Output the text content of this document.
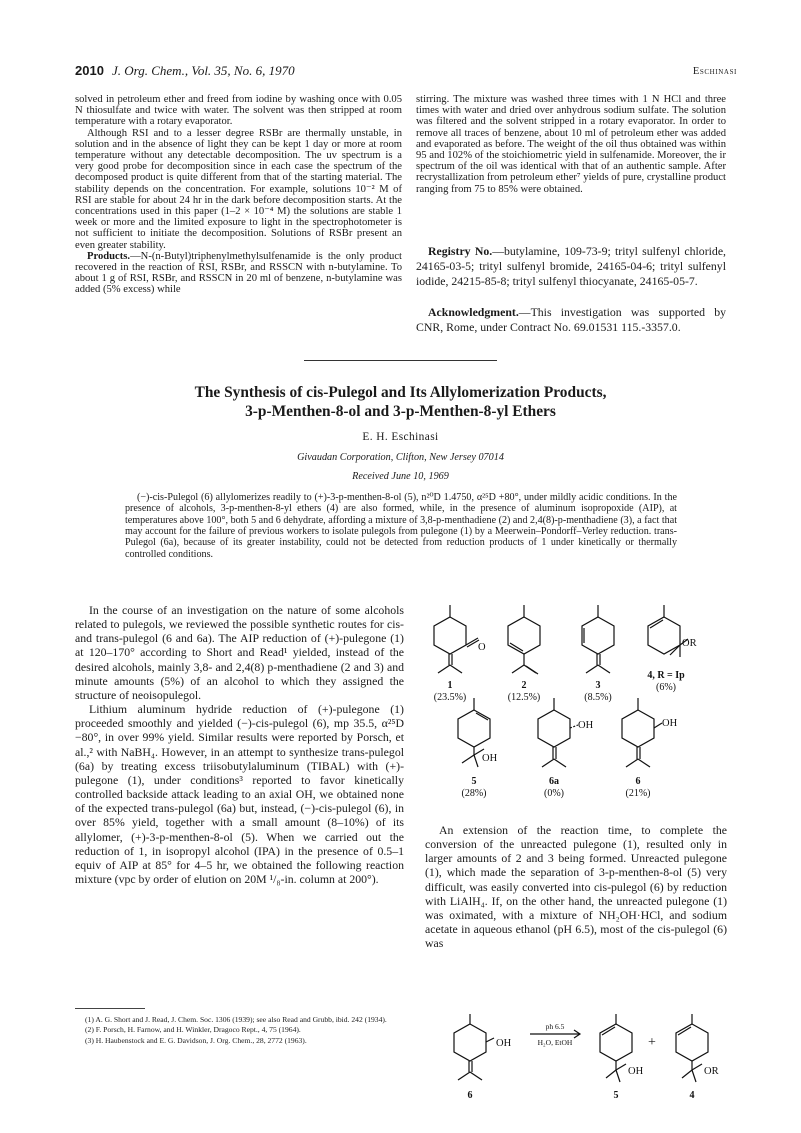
2010 J. Org. Chem., Vol. 35, No. 6, 1970	Eschinasi

solved in petroleum ether and freed from iodine by washing once with 0.05 N thiosulfate and twice with water. The solvent was then stripped at room temperature with a rotary evaporator.

Although RSI and to a lesser degree RSBr are thermally unstable, in solution and in the absence of light they can be kept 1 day or more at room temperature without any detectable decomposition. The uv spectrum is a very good probe for decomposition since in each case the spectrum of the decomposed product is quite different from that of the starting material. The stability depends on the concentration. For example, solutions 10⁻² M of RSI are stable for about 24 hr in the dark before decomposition starts. At the concentrations used in this paper (1–2 × 10⁻⁴ M) the solutions are stable 1 week or more and the limited exposure to light in the spectrophotometer is not sufficient to initiate the decomposition. Solutions of RSBr present an even greater stability.

Products.—N-(n-Butyl)triphenylmethylsulfenamide is the only product recovered in the reaction of RSI, RSBr, and RSSCN with n-butylamine. To about 1 g of RSI, RSBr, and RSSCN in 20 ml of benzene, n-butylamine was added (5% excess) while

stirring. The mixture was washed three times with 1 N HCl and three times with water and dried over anhydrous sodium sulfate. The solution was filtered and the solvent stripped in a rotary evaporator. In order to remove all traces of benzene, about 10 ml of petroleum ether was added and evaporated as before. The weight of the oil thus obtained was within 95 and 102% of the stoichiometric yield in sulfenamide. Moreover, the ir spectrum of the oil was identical with that of an authentic sample. After recrystallization from petroleum ether⁷ yields of pure, crystalline product ranging from 75 to 85% were obtained.

Registry No.—butylamine, 109-73-9; trityl sulfenyl chloride, 24165-03-5; trityl sulfenyl bromide, 24165-04-6; trityl sulfenyl iodide, 24215-85-8; trityl sulfenyl thiocyanate, 24165-05-7.
Acknowledgment.—This investigation was supported by CNR, Rome, under Contract No. 69.01531 115.-3357.0.
The Synthesis of cis-Pulegol and Its Allylomerization Products,
3-p-Menthen-8-ol and 3-p-Menthen-8-yl Ethers
E. H. Eschinasi
Givaudan Corporation, Clifton, New Jersey 07014
Received June 10, 1969
(−)-cis-Pulegol (6) allylomerizes readily to (+)-3-p-menthen-8-ol (5), n²⁰D 1.4750, α²⁵D +80°, under mildly acidic conditions. In the presence of alcohols, 3-p-menthen-8-yl ethers (4) are also formed, while, in the presence of aluminum isopropoxide (AIP), at temperatures above 100°, both 5 and 6 dehydrate, affording a mixture of 3,8-p-menthadiene (2) and 2,4(8)-p-menthadiene (3), a fact that may account for the failure of previous workers to isolate pulegols from pulegone (1) by a Meerwein–Pondorff–Verley reduction. trans-Pulegol (6a), because of its greater instability, could not be detected from reduction products of 1 under kinetically or thermally controlled conditions.

In the course of an investigation on the nature of some alcohols related to pulegols, we reviewed the possible synthetic routes for cis- and trans-pulegol (6 and 6a). The AIP reduction of (+)-pulegone (1) at 120–170° according to Short and Read¹ yielded, instead of the desired alcohols, mainly 3,8- and 2,4(8) p-menthadiene (2 and 3) and minute amounts (5%) of an alcohol to which they assigned the structure of neoisopulegol.

Lithium aluminum hydride reduction of (+)-pulegone (1) proceeded smoothly and yielded (−)-cis-pulegol (6), mp 35.5, α²⁵D −80°, in over 99% yield. Similar results were reported by Porsch, et al.,² with NaBH₄. However, in an attempt to synthesize trans-pulegol (6a) by treating excess triisobutylaluminum (TIBAL) with (+)-pulegone (1), under conditions³ reported to favor kinetically controlled backside attack leading to an axial OH, we obtained none of the expected trans-pulegol (6a) but, instead, (−)-cis-pulegol (6), in over 85% yield, together with a small amount (8–10%) of its allylomer, (+)-3-p-menthen-8-ol (5). When we carried out the reduction of 1, in isopropyl alcohol (IPA) in the presence of 0.5–1 equiv of AIP at 85° for 4–5 hr, we obtained the following reaction mixture (vpc by order of elution on 20M ¹/₈-in. column at 200°).

An extension of the reaction time, to complete the conversion of the unreacted pulegone (1), resulted only in larger amounts of 2 and 3 being formed. Unreacted pulegone (1), which made the separation of 3-p-menthen-8-ol (5) very difficult, was easily converted into cis-pulegol (6) by reduction with LiAlH₄. If, on the other hand, the unreacted pulegone (1) was oximated, with a mixture of NH₂OH·HCl, and sodium acetate in aqueous ethanol (pH 6.5), most of the cis-pulegol (6) was

(1) A. G. Short and J. Read, J. Chem. Soc. 1306 (1939); see also Read and Grubb, ibid. 242 (1934).

(2) F. Porsch, H. Farnow, and H. Winkler, Dragoco Rept., 4, 75 (1964).

(3) H. Haubenstock and E. G. Davidson, J. Org. Chem., 28, 2772 (1963).

O	OR
OH
OH	OH
1
(23.5%)
2
(12.5%)
3
(8.5%)
4, R = Ip
(6%)
5
(28%)
6a
(0%)
6
(21%)
OH
ph 6.5
H₂O, EtOH
OH
+
OR
6	5	4
